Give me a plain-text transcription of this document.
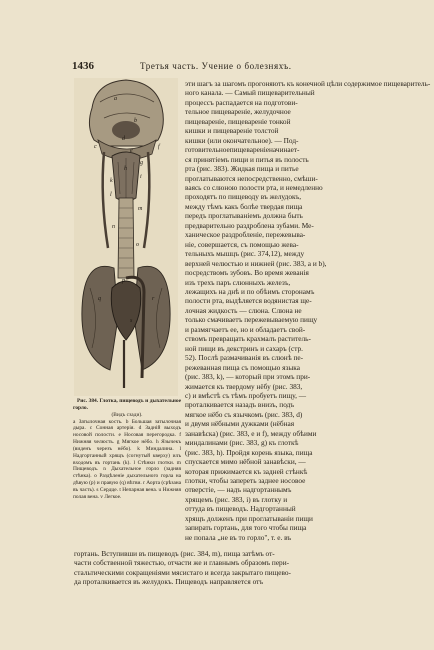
1436	Третья часть. Учение о болезняхъ.
a
b
c
d
e
f
g
h
i
k
l
m
n
o
p
q	r
s

Рис. 384. Глотка, пищеводъ и дыхательное горло.

(Видъ сзади).

a Затылочная кость. b Большая затылочная дыра. c Сонная артерія. d Задній выходъ носовой полости. e Носовая перегородка. f Нижняя челюсть. g Мягкое нёбо. h Язычекъ (виденъ черезъ нёбо). k Миндалина. l Надгортанный хрящъ (согнутый кверху) илъ входомъ въ гортань (k). l Стѣнки глотки. m Пищеводъ. n Дыхательное горло (задняя стѣнка). o Раздѣленіе дыхательного горла на дѣвую (p) и правую (q) вѣтви. r Аорта (срѣзана въ часть). s Сердце. t Непарная вена. u Нижняя полая вена. v Легкое.

эти шагъ за шагомъ прогоняютъ къ конечной цѣли содержимое пищеваритель-
ного канала. — Самый пищеварительный
процессъ распадается на подготови-
тельное пищевареніе, желудочное
пищевареніе, пищевареніе тонкой
кишки и пищевареніе толстой
кишки (или окончательное). — Под-
готовительноепищевареніеначинает-
ся принятіемъ пищи и питья въ полость
рта (рис. 383). Жидкая пища и питье
проглатываются непосредственно, смѣши-
ваясь со слюною полости рта, и немедленно
проходятъ по пищеводу въ желудокъ,
между тѣмъ какъ болѣе твердая пища
передъ проглатываніемъ должна быть
предварительно раздроблена зубами. Ме-
ханическое раздробленіе, пережевыва-
ніе, совершается, съ помощью жева-
тельныхъ мышцъ (рис. 374,12), между
верхней челюстью и нижней (рис. 383, a и b),
посредствомъ зубовъ. Во время жеванія
изъ трехъ паръ слюнныхъ железъ,
лежащихъ на днѣ и по обѣимъ сторонамъ
полости рта, выдѣляется водянистая ще-
лочная жидкость — слюна. Слюна не
только смачиваетъ пережевываемую пищу
и размягчаетъ ее, но и обладаетъ свой-
ствомъ превращать крахмалъ раститель-
ной пищи въ декстринъ и сахаръ (стр.
52). Послѣ размачиванія въ слюнѣ пе-
режеванная пища съ помощью языка
(рис. 383, k), — который при этомъ при-
жимается къ твердому нёбу (рис. 383,
c) и вмѣстѣ съ тѣмъ пробуетъ пищу, —
проталкивается назадъ внизъ, подъ
мягкое нёбо съ язычкомъ (рис. 383, d)
и двумя нёбными дужками (нёбная
занавѣска) (рис. 383, e и f), между обѣими
миндалинами (рис. 383, g) къ глоткѣ
(рис. 383, h). Пройдя корень языка, пища
спускается мимо нёбной занавѣски, —
которая прижимается къ задней стѣнкѣ
глотки, чтобы запереть заднее носовое
отверстіе, — надъ надгортаннымъ
хрящемъ (рис. 383, i) въ глотку и
оттуда въ пищеводъ. Надгортанный
хрящъ долженъ при проглатываніи пищи
запирать гортань, для того чтобы пища
не попала „не въ то горло", т. е. въ
гортань. Вступивши въ пищеводъ (рис. 384, m), пища затѣмъ от-
части собственной тяжестью, отчасти же и главнымъ образомъ пери-
стальтическими сокращеніями мясистаго и всегда закрытаго пищево-
да проталкивается въ желудокъ. Пищеводъ направляется отъ
